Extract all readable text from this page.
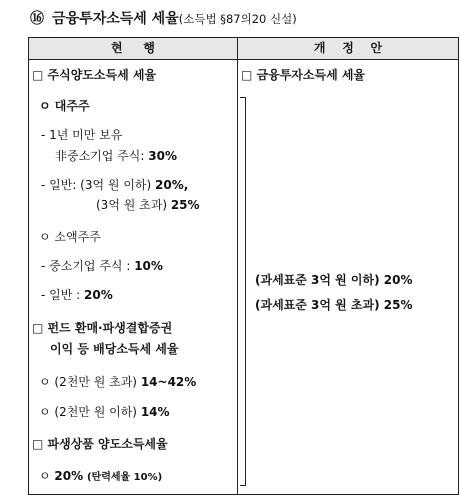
⑯ 금융투자소득세 세율(소득법 §87의20 신설)
현     행	개    정    안
□ 주식양도소득세 세율
ㅇ 대주주
- 1년 미만 보유
非중소기업 주식: 30%
- 일반: (3억 원 이하) 20%,
(3억 원 초과) 25%
ㅇ 소액주주
- 중소기업 주식 : 10%
- 일반 : 20%
□ 펀드 환매·파생결합증권
이익 등 배당소득세 세율
ㅇ (2천만 원 초과) 14~42%
ㅇ (2천만 원 이하) 14%
□ 파생상품 양도소득세율
ㅇ 20% (탄력세율 10%)
□ 금융투자소득세 세율
(과세표준 3억 원 이하) 20%
(과세표준 3억 원 초과) 25%
